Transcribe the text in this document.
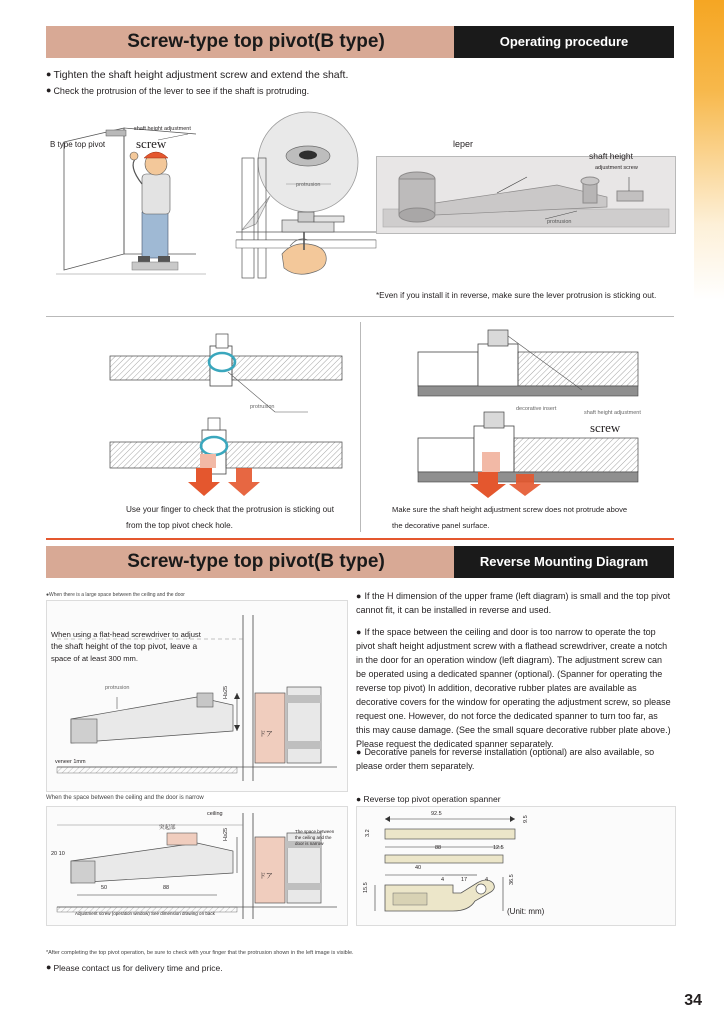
Screw-type top pivot(B type)	Operating procedure
● Tighten the shaft height adjustment screw and extend the shaft.
● Check the protrusion of the lever to see if the shaft is protruding.
B type top pivot
shaft height adjustment
screw
protrusion
leper
shaft height
adjustment screw
protrusion
*Even if you install it in reverse, make sure the lever protrusion is sticking out.
protrusion	decorative insert
shaft height adjustment
screw
Use your finger to check that the protrusion is sticking out
from the top pivot check hole.
Make sure the shaft height adjustment screw does not protrude above
the decorative panel surface.
Screw-type top pivot(B type)	Reverse Mounting Diagram
●When there is a large space between the ceiling and the door
When using a flat-head screwdriver to adjust
the shaft height of the top pivot, leave a
space of at least 300 mm.
protrusion	H≥25
ドア
veneer 1mm
When the space between the ceiling and the door is narrow
突起部
ceiling
H≥25
ドア
20 10
50	88
The space between the ceiling and the door is narrow
Adjustment screw (operation window) See dimension drawing on back
● If the H dimension of the upper frame (left diagram) is small and the top pivot cannot fit, it can be installed in reverse and used.
● If the space between the ceiling and door is too narrow to operate the top pivot shaft height adjustment screw with a flathead screwdriver, create a notch in the door for an operation window (left diagram). The adjustment screw can be operated using a dedicated spanner (optional). (Spanner for operating the reverse top pivot) In addition, decorative rubber plates are available as decorative covers for the window for operating the adjustment screw, so please request one. However, do not force the dedicated spanner to turn too far, as this may cause damage. (See the small square decorative rubber plate above.) Please request the dedicated spanner separately.
● Decorative panels for reverse installation (optional) are also available, so please order them separately.
● Reverse top pivot operation spanner
92.5
88	12.5
9.5
3.2
40
4	17	4	36.5
15.5
(Unit: mm)
*After completing the top pivot operation, be sure to check with your finger that the protrusion shown in the left image is visible.
● Please contact us for delivery time and price.
34
